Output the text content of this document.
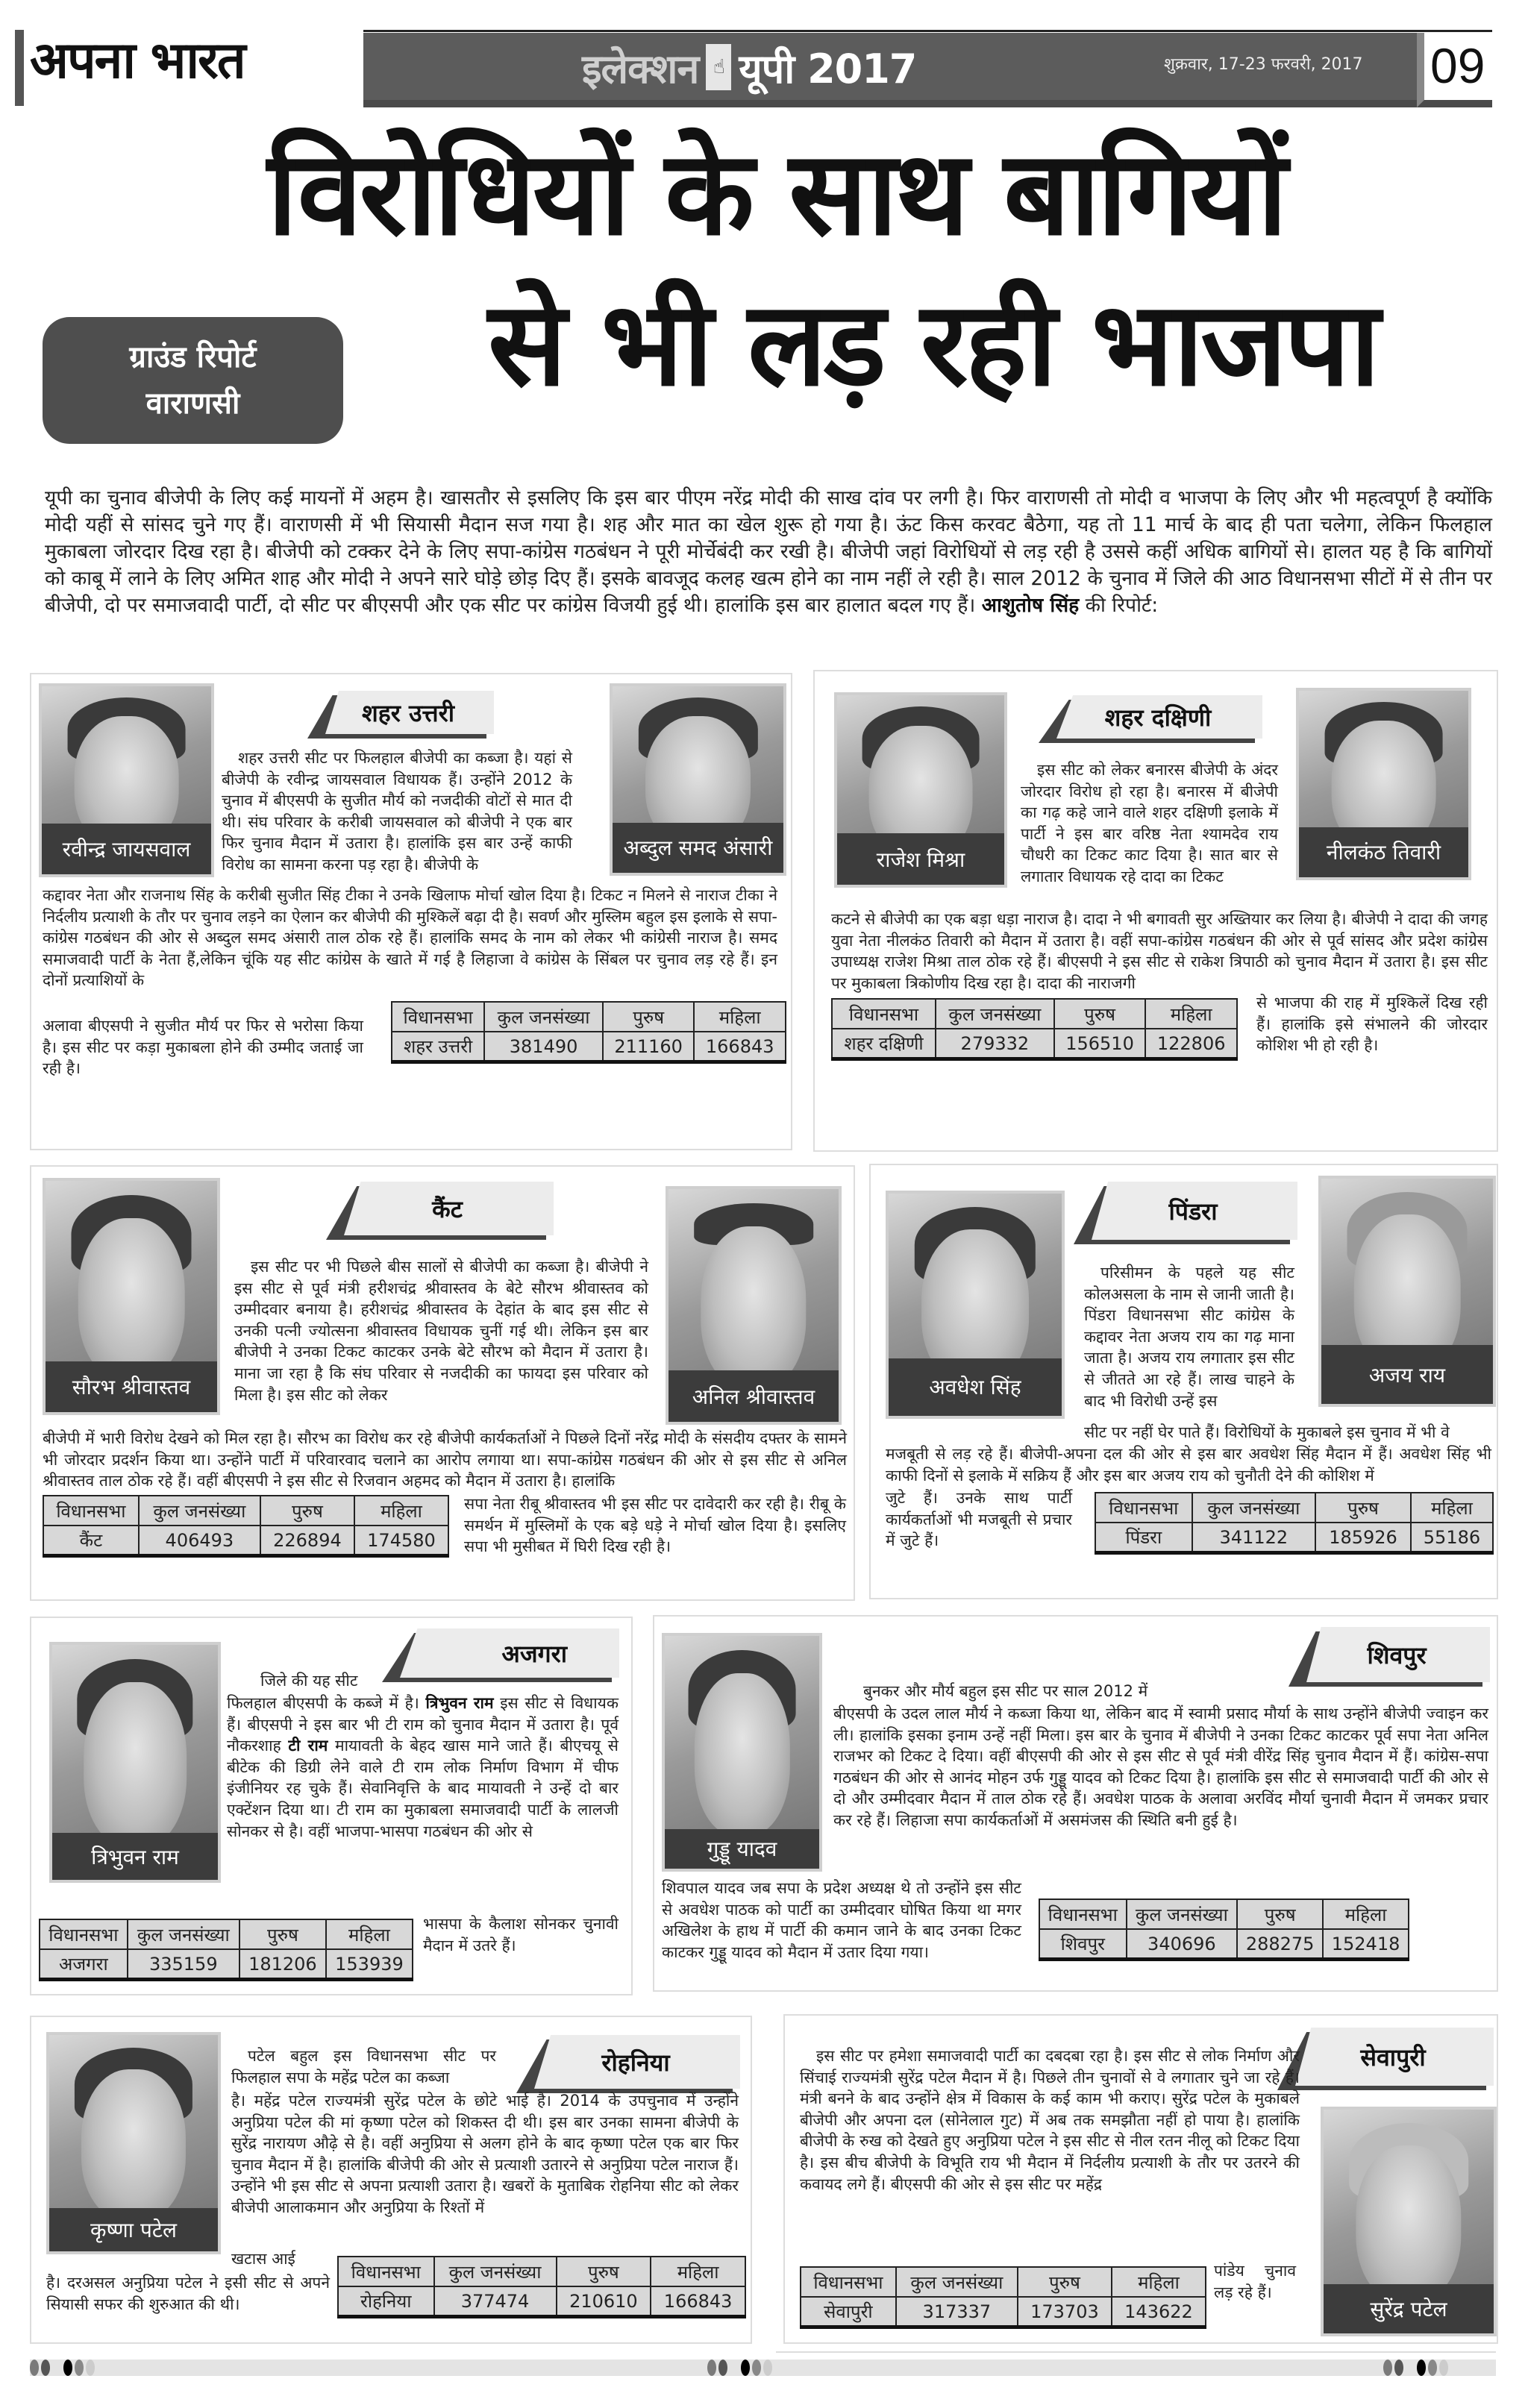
अपना भारत	इलेक्शन ☝ यूपी 2017	शुक्रवार, 17-23 फरवरी, 2017 09
विरोधियों के साथ बागियों
ग्राउंड रिपोर्ट
वाराणसी	से भी लड़ रही भाजपा
यूपी का चुनाव बीजेपी के लिए कई मायनों में अहम है। खासतौर से इसलिए कि इस बार पीएम नरेंद्र मोदी की साख दांव पर लगी है। फिर वाराणसी तो मोदी व भाजपा के लिए और भी महत्वपूर्ण है क्योंकि मोदी यहीं से सांसद चुने गए हैं। वाराणसी में भी सियासी मैदान सज गया है। शह और मात का खेल शुरू हो गया है। ऊंट किस करवट बैठेगा, यह तो 11 मार्च के बाद ही पता चलेगा, लेकिन फिलहाल मुकाबला जोरदार दिख रहा है। बीजेपी को टक्कर देने के लिए सपा-कांग्रेस गठबंधन ने पूरी मोर्चेबंदी कर रखी है। बीजेपी जहां विरोधियों से लड़ रही है उससे कहीं अधिक बागियों से। हालत यह है कि बागियों को काबू में लाने के लिए अमित शाह और मोदी ने अपने सारे घोड़े छोड़ दिए हैं। इसके बावजूद कलह खत्म होने का नाम नहीं ले रही है। साल 2012 के चुनाव में जिले की आठ विधानसभा सीटों में से तीन पर बीजेपी, दो पर समाजवादी पार्टी, दो सीट पर बीएसपी और एक सीट पर कांग्रेस विजयी हुई थी। हालांकि इस बार हालात बदल गए हैं। आशुतोष सिंह की रिपोर्ट:
रवीन्द्र जायसवाल
शहर उत्तरी
अब्दुल समद अंसारी
शहर उत्तरी सीट पर फिलहाल बीजेपी का कब्जा है। यहां से बीजेपी के रवीन्द्र जायसवाल विधायक हैं। उन्होंने 2012 के चुनाव में बीएसपी के सुजीत मौर्य को नजदीकी वोटों से मात दी थी। संघ परिवार के करीबी जायसवाल को बीजेपी ने एक बार फिर चुनाव मैदान में उतारा है। हालांकि इस बार उन्हें काफी विरोध का सामना करना पड़ रहा है। बीजेपी के
कद्दावर नेता और राजनाथ सिंह के करीबी सुजीत सिंह टीका ने उनके खिलाफ मोर्चा खोल दिया है। टिकट न मिलने से नाराज टीका ने निर्दलीय प्रत्याशी के तौर पर चुनाव लड़ने का ऐलान कर बीजेपी की मुश्किलें बढ़ा दी है। सवर्ण और मुस्लिम बहुल इस इलाके से सपा-कांग्रेस गठबंधन की ओर से अब्दुल समद अंसारी ताल ठोक रहे हैं। हालांकि समद के नाम को लेकर भी कांग्रेसी नाराज है। समद समाजवादी पार्टी के नेता हैं,लेकिन चूंकि यह सीट कांग्रेस के खाते में गई है लिहाजा वे कांग्रेस के सिंबल पर चुनाव लड़ रहे हैं। इन दोनों प्रत्याशियों के
अलावा बीएसपी ने सुजीत मौर्य पर फिर से भरोसा किया है। इस सीट पर कड़ा मुकाबला होने की उम्मीद जताई जा रही है।
विधानसभा	कुल जनसंख्या	पुरुष	महिला
शहर उत्तरी	381490	211160	166843
राजेश मिश्रा
शहर दक्षिणी
नीलकंठ तिवारी
इस सीट को लेकर बनारस बीजेपी के अंदर जोरदार विरोध हो रहा है। बनारस में बीजेपी का गढ़ कहे जाने वाले शहर दक्षिणी इलाके में पार्टी ने इस बार वरिष्ठ नेता श्यामदेव राय चौधरी का टिकट काट दिया है। सात बार से लगातार विधायक रहे दादा का टिकट
कटने से बीजेपी का एक बड़ा धड़ा नाराज है। दादा ने भी बगावती सुर अख्तियार कर लिया है। बीजेपी ने दादा की जगह युवा नेता नीलकंठ तिवारी को मैदान में उतारा है। वहीं सपा-कांग्रेस गठबंधन की ओर से पूर्व सांसद और प्रदेश कांग्रेस उपाध्यक्ष राजेश मिश्रा ताल ठोक रहे हैं। बीएसपी ने इस सीट से राकेश त्रिपाठी को चुनाव मैदान में उतारा है। इस सीट पर मुकाबला त्रिकोणीय दिख रहा है। दादा की नाराजगी
से भाजपा की राह में मुश्किलें दिख रही हैं। हालांकि इसे संभालने की जोरदार कोशिश भी हो रही है।
विधानसभा	कुल जनसंख्या	पुरुष	महिला
शहर दक्षिणी	279332	156510	122806
सौरभ श्रीवास्तव
कैंट
अनिल श्रीवास्तव
इस सीट पर भी पिछले बीस सालों से बीजेपी का कब्जा है। बीजेपी ने इस सीट से पूर्व मंत्री हरीशचंद्र श्रीवास्तव के बेटे सौरभ श्रीवास्तव को उम्मीदवार बनाया है। हरीशचंद्र श्रीवास्तव के देहांत के बाद इस सीट से उनकी पत्नी ज्योत्सना श्रीवास्तव विधायक चुनीं गई थी। लेकिन इस बार बीजेपी ने उनका टिकट काटकर उनके बेटे सौरभ को मैदान में उतारा है। माना जा रहा है कि संघ परिवार से नजदीकी का फायदा इस परिवार को मिला है। इस सीट को लेकर
बीजेपी में भारी विरोध देखने को मिल रहा है। सौरभ का विरोध कर रहे बीजेपी कार्यकर्ताओं ने पिछले दिनों नरेंद्र मोदी के संसदीय दफ्तर के सामने भी जोरदार प्रदर्शन किया था। उन्होंने पार्टी में परिवारवाद चलाने का आरोप लगाया था। सपा-कांग्रेस गठबंधन की ओर से इस सीट से अनिल श्रीवास्तव ताल ठोक रहे हैं। वहीं बीएसपी ने इस सीट से रिजवान अहमद को मैदान में उतारा है। हालांकि
सपा नेता रीबू श्रीवास्तव भी इस सीट पर दावेदारी कर रही है। रीबू के समर्थन में मुस्लिमों के एक बड़े धड़े ने मोर्चा खोल दिया है। इसलिए सपा भी मुसीबत में घिरी दिख रही है।
विधानसभा	कुल जनसंख्या	पुरुष	महिला
कैंट	406493	226894	174580
अवधेश सिंह
पिंडरा
अजय राय
परिसीमन के पहले यह सीट कोलअसला के नाम से जानी जाती है। पिंडरा विधानसभा सीट कांग्रेस के कद्दावर नेता अजय राय का गढ़ माना जाता है। अजय राय लगातार इस सीट से जीतते आ रहे हैं। लाख चाहने के बाद भी विरोधी उन्हें इस
सीट पर नहीं घेर पाते हैं। विरोधियों के मुकाबले इस चुनाव में भी वे
मजबूती से लड़ रहे हैं। बीजेपी-अपना दल की ओर से इस बार अवधेश सिंह मैदान में हैं। अवधेश सिंह भी काफी दिनों से इलाके में सक्रिय हैं और इस बार अजय राय को चुनौती देने की कोशिश में
जुटे हैं। उनके साथ पार्टी कार्यकर्ताओं भी मजबूती से प्रचार में जुटे हैं।
विधानसभा	कुल जनसंख्या	पुरुष	महिला
पिंडरा	341122	185926	55186
त्रिभुवन राम
अजगरा
जिले की यह सीट
फिलहाल बीएसपी के कब्जे में है। त्रिभुवन राम इस सीट से विधायक हैं। बीएसपी ने इस बार भी टी राम को चुनाव मैदान में उतारा है। पूर्व नौकरशाह टी राम मायावती के बेहद खास माने जाते हैं। बीएचयू से बीटेक की डिग्री लेने वाले टी राम लोक निर्माण विभाग में चीफ इंजीनियर रह चुके हैं। सेवानिवृत्ति के बाद मायावती ने उन्हें दो बार एक्टेंशन दिया था। टी राम का मुकाबला समाजवादी पार्टी के लालजी सोनकर से है। वहीं भाजपा-भासपा गठबंधन की ओर से
भासपा के कैलाश सोनकर चुनावी मैदान में उतरे हैं।
विधानसभा	कुल जनसंख्या	पुरुष	महिला
अजगरा	335159	181206	153939
गुड्डू यादव
शिवपुर
बुनकर और मौर्य बहुल इस सीट पर साल 2012 में
बीएसपी के उदल लाल मौर्य ने कब्जा किया था, लेकिन बाद में स्वामी प्रसाद मौर्या के साथ उन्होंने बीजेपी ज्वाइन कर ली। हालांकि इसका इनाम उन्हें नहीं मिला। इस बार के चुनाव में बीजेपी ने उनका टिकट काटकर पूर्व सपा नेता अनिल राजभर को टिकट दे दिया। वहीं बीएसपी की ओर से इस सीट से पूर्व मंत्री वीरेंद्र सिंह चुनाव मैदान में हैं। कांग्रेस-सपा गठबंधन की ओर से आनंद मोहन उर्फ गुड्डू यादव को टिकट दिया है। हालांकि इस सीट से समाजवादी पार्टी की ओर से दो और उम्मीदवार मैदान में ताल ठोक रहे हैं। अवधेश पाठक के अलावा अरविंद मौर्या चुनावी मैदान में जमकर प्रचार कर रहे हैं। लिहाजा सपा कार्यकर्ताओं में असमंजस की स्थिति बनी हुई है।
शिवपाल यादव जब सपा के प्रदेश अध्यक्ष थे तो उन्होंने इस सीट से अवधेश पाठक को पार्टी का उम्मीदवार घोषित किया था मगर अखिलेश के हाथ में पार्टी की कमान जाने के बाद उनका टिकट काटकर गुड्डू यादव को मैदान में उतार दिया गया।
विधानसभा	कुल जनसंख्या	पुरुष	महिला
शिवपुर	340696	288275	152418
कृष्णा पटेल
रोहनिया
पटेल बहुल इस विधानसभा सीट पर फिलहाल सपा के महेंद्र पटेल का कब्जा
है। महेंद्र पटेल राज्यमंत्री सुरेंद्र पटेल के छोटे भाई है। 2014 के उपचुनाव में उन्होंने अनुप्रिया पटेल की मां कृष्णा पटेल को शिकस्त दी थी। इस बार उनका सामना बीजेपी के सुरेंद्र नारायण औढ़े से है। वहीं अनुप्रिया से अलग होने के बाद कृष्णा पटेल एक बार फिर चुनाव मैदान में है। हालांकि बीजेपी की ओर से प्रत्याशी उतारने से अनुप्रिया पटेल नाराज हैं। उन्होंने भी इस सीट से अपना प्रत्याशी उतारा है। खबरों के मुताबिक रोहनिया सीट को लेकर बीजेपी आलाकमान और अनुप्रिया के रिश्तों में
खटास आई
है। दरअसल अनुप्रिया पटेल ने इसी सीट से अपने सियासी सफर की शुरुआत की थी।
विधानसभा	कुल जनसंख्या	पुरुष	महिला
रोहनिया	377474	210610	166843
सेवापुरी
सुरेंद्र पटेल
इस सीट पर हमेशा समाजवादी पार्टी का दबदबा रहा है। इस सीट से लोक निर्माण और सिंचाई राज्यमंत्री सुरेंद्र पटेल मैदान में है। पिछले तीन चुनावों से वे लगातार चुने जा रहे हैं। मंत्री बनने के बाद उन्होंने क्षेत्र में विकास के कई काम भी कराए। सुरेंद्र पटेल के मुकाबले बीजेपी और अपना दल (सोनेलाल गुट) में अब तक समझौता नहीं हो पाया है। हालांकि बीजेपी के रुख को देखते हुए अनुप्रिया पटेल ने इस सीट से नील रतन नीलू को टिकट दिया है। इस बीच बीजेपी के विभूति राय भी मैदान में निर्दलीय प्रत्याशी के तौर पर उतरने की कवायद लगे हैं। बीएसपी की ओर से इस सीट पर महेंद्र
पांडेय चुनाव लड़ रहे हैं।
विधानसभा	कुल जनसंख्या	पुरुष	महिला
सेवापुरी	317337	173703	143622
